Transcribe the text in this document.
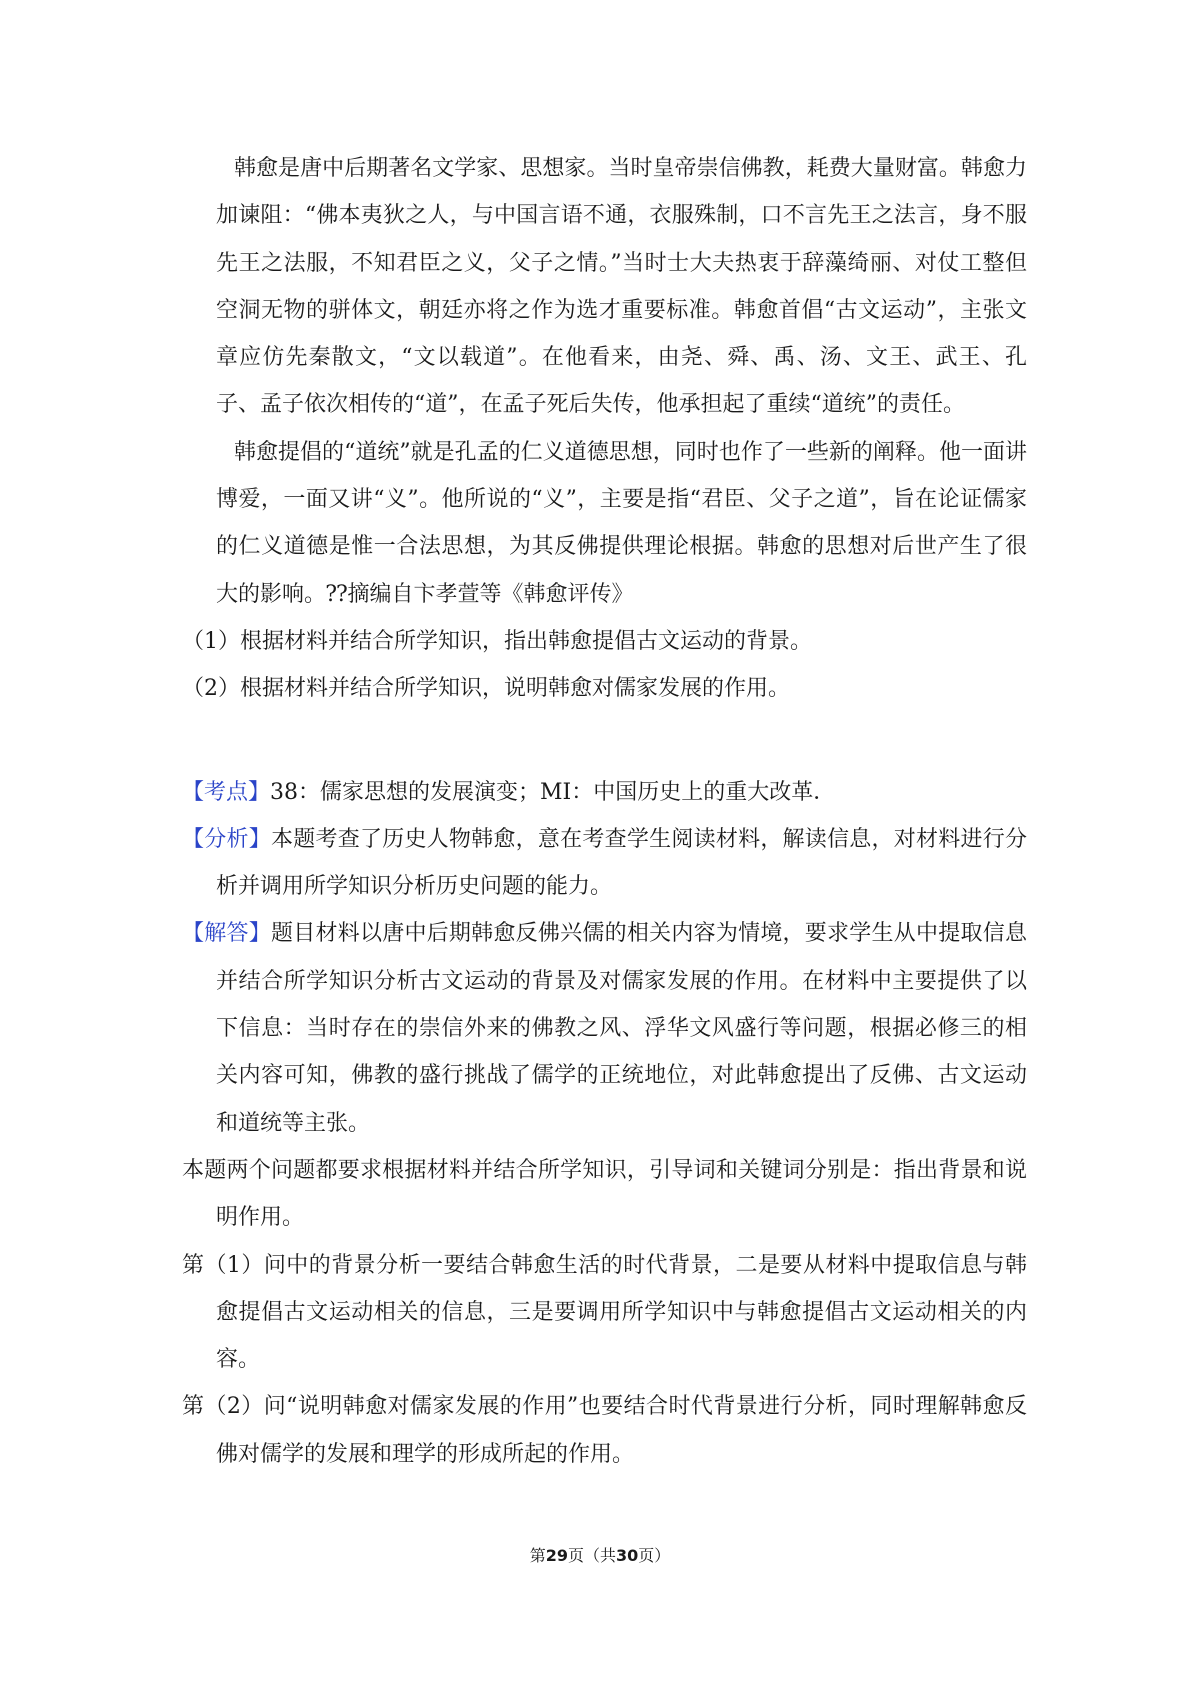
韩愈是唐中后期著名文学家、思想家。当时皇帝崇信佛教，耗费大量财富。韩愈力加谏阻：“佛本夷狄之人，与中国言语不通，衣服殊制，口不言先王之法言，身不服先王之法服，不知君臣之义，父子之情。”当时士大夫热衷于辞藻绮丽、对仗工整但空洞无物的骈体文，朝廷亦将之作为选才重要标准。韩愈首倡“古文运动”，主张文章应仿先秦散文，“文以载道”。在他看来，由尧、舜、禹、汤、文王、武王、孔子、孟子依次相传的“道”，在孟子死后失传，他承担起了重续“道统”的责任。

韩愈提倡的“道统”就是孔孟的仁义道德思想，同时也作了一些新的阐释。他一面讲博爱，一面又讲“义”。他所说的“义”，主要是指“君臣、父子之道”，旨在论证儒家的仁义道德是惟一合法思想，为其反佛提供理论根据。韩愈的思想对后世产生了很大的影响。⁇摘编自卞孝萱等《韩愈评传》

（1）根据材料并结合所学知识，指出韩愈提倡古文运动的背景。

（2）根据材料并结合所学知识，说明韩愈对儒家发展的作用。

【考点】38：儒家思想的发展演变；MI：中国历史上的重大改革．

【分析】本题考查了历史人物韩愈，意在考查学生阅读材料，解读信息，对材料进行分析并调用所学知识分析历史问题的能力。

【解答】题目材料以唐中后期韩愈反佛兴儒的相关内容为情境，要求学生从中提取信息并结合所学知识分析古文运动的背景及对儒家发展的作用。在材料中主要提供了以下信息：当时存在的崇信外来的佛教之风、浮华文风盛行等问题，根据必修三的相关内容可知，佛教的盛行挑战了儒学的正统地位，对此韩愈提出了反佛、古文运动和道统等主张。

本题两个问题都要求根据材料并结合所学知识，引导词和关键词分别是：指出背景和说明作用。

第（1）问中的背景分析一要结合韩愈生活的时代背景，二是要从材料中提取信息与韩愈提倡古文运动相关的信息，三是要调用所学知识中与韩愈提倡古文运动相关的内容。

第（2）问“说明韩愈对儒家发展的作用”也要结合时代背景进行分析，同时理解韩愈反佛对儒学的发展和理学的形成所起的作用。

第29页（共30页）
